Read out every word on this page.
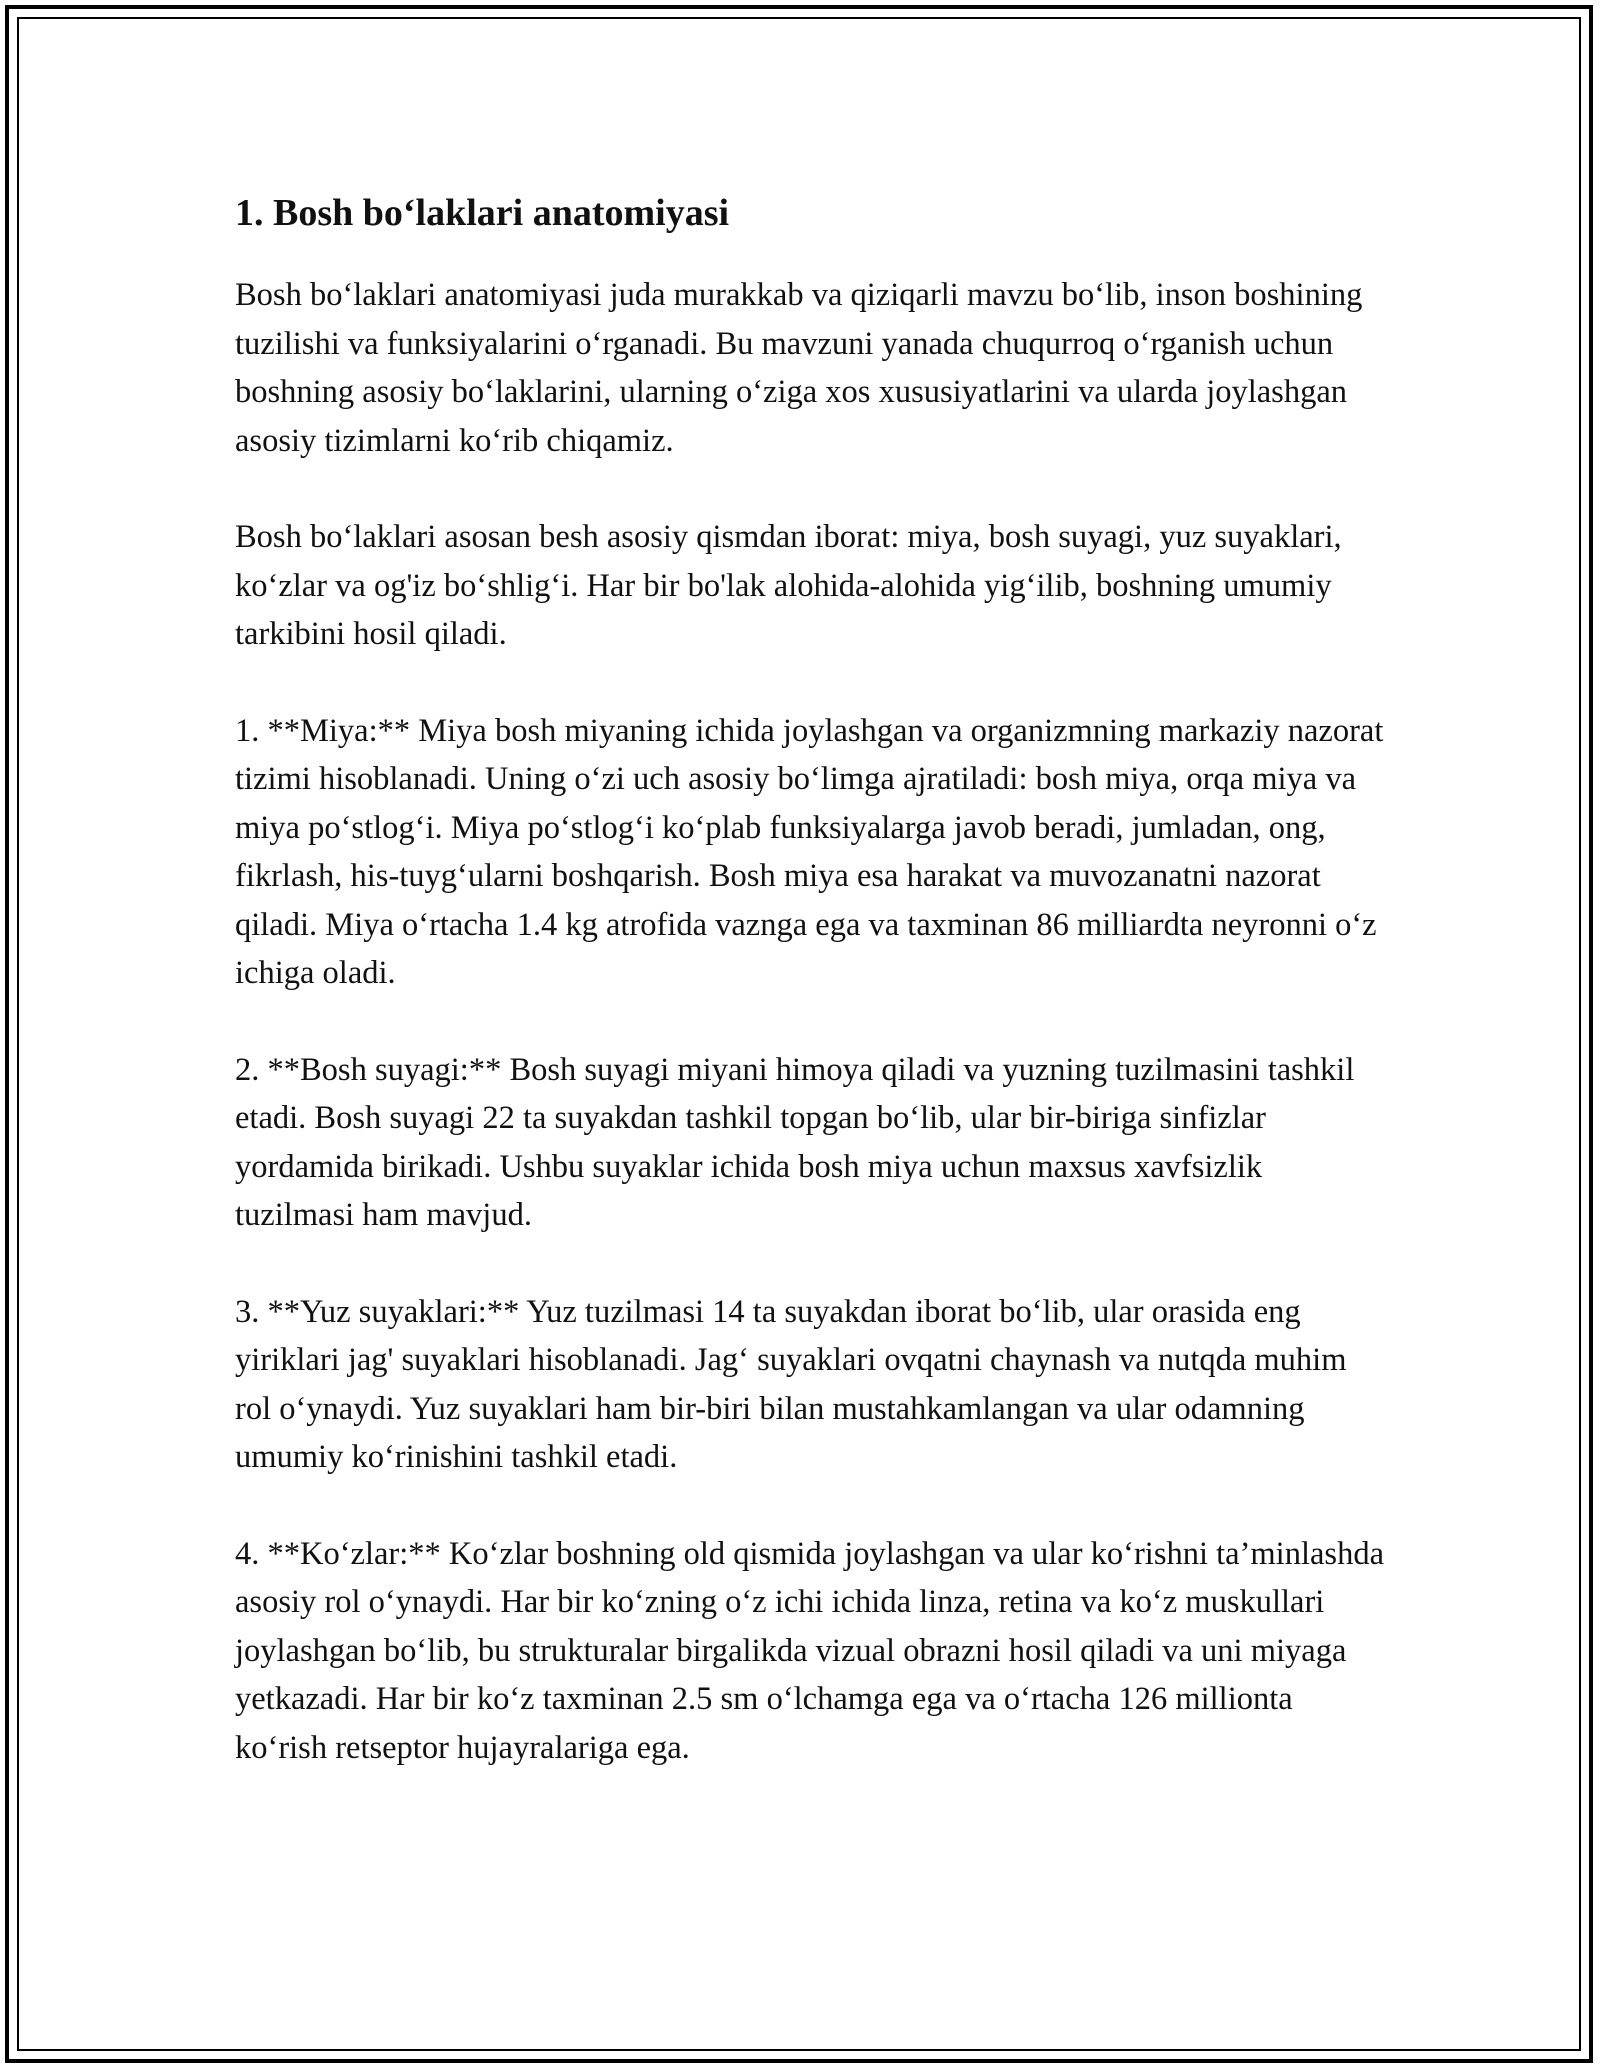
1. Bosh bo‘laklari anatomiyasi

Bosh bo‘laklari anatomiyasi juda murakkab va qiziqarli mavzu bo‘lib, inson boshining tuzilishi va funksiyalarini o‘rganadi. Bu mavzuni yanada chuqurroq o‘rganish uchun boshning asosiy bo‘laklarini, ularning o‘ziga xos xususiyatlarini va ularda joylashgan asosiy tizimlarni ko‘rib chiqamiz.

Bosh bo‘laklari asosan besh asosiy qismdan iborat: miya, bosh suyagi, yuz suyaklari, ko‘zlar va og'iz bo‘shlig‘i. Har bir bo'lak alohida-alohida yig‘ilib, boshning umumiy tarkibini hosil qiladi.

1. **Miya:** Miya bosh miyaning ichida joylashgan va organizmning markaziy nazorat tizimi hisoblanadi. Uning o‘zi uch asosiy bo‘limga ajratiladi: bosh miya, orqa miya va miya po‘stlog‘i. Miya po‘stlog‘i ko‘plab funksiyalarga javob beradi, jumladan, ong, fikrlash, his-tuyg‘ularni boshqarish. Bosh miya esa harakat va muvozanatni nazorat qiladi. Miya o‘rtacha 1.4 kg atrofida vaznga ega va taxminan 86 milliardta neyronni o‘z ichiga oladi.

2. **Bosh suyagi:** Bosh suyagi miyani himoya qiladi va yuzning tuzilmasini tashkil etadi. Bosh suyagi 22 ta suyakdan tashkil topgan bo‘lib, ular bir-biriga sinfizlar yordamida birikadi. Ushbu suyaklar ichida bosh miya uchun maxsus xavfsizlik tuzilmasi ham mavjud.

3. **Yuz suyaklari:** Yuz tuzilmasi 14 ta suyakdan iborat bo‘lib, ular orasida eng yiriklari jag' suyaklari hisoblanadi. Jag‘ suyaklari ovqatni chaynash va nutqda muhim rol o‘ynaydi. Yuz suyaklari ham bir-biri bilan mustahkamlangan va ular odamning umumiy ko‘rinishini tashkil etadi.

4. **Ko‘zlar:** Ko‘zlar boshning old qismida joylashgan va ular ko‘rishni ta’minlashda asosiy rol o‘ynaydi. Har bir ko‘zning o‘z ichi ichida linza, retina va ko‘z muskullari joylashgan bo‘lib, bu strukturalar birgalikda vizual obrazni hosil qiladi va uni miyaga yetkazadi. Har bir ko‘z taxminan 2.5 sm o‘lchamga ega va o‘rtacha 126 millionta ko‘rish retseptor hujayralariga ega.
